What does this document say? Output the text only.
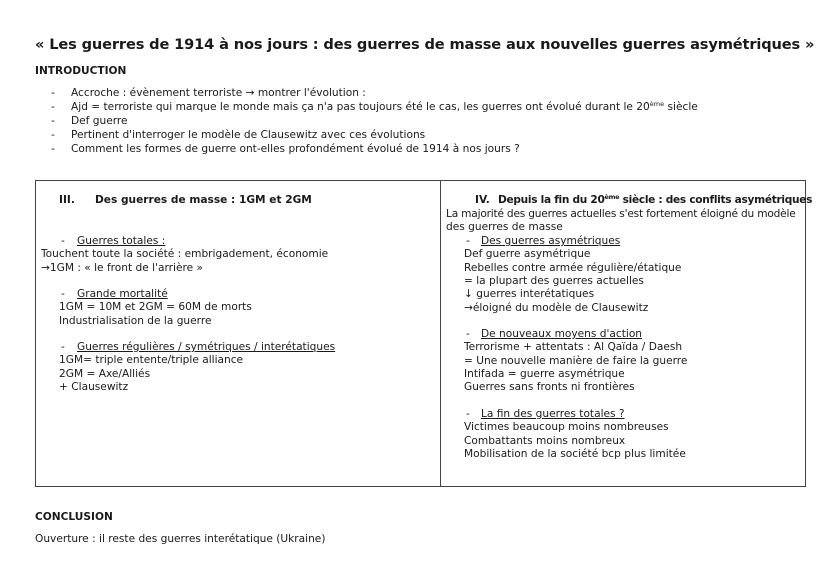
« Les guerres de 1914 à nos jours : des guerres de masse aux nouvelles guerres asymétriques »
INTRODUCTION
- Accroche : évènement terroriste → montrer l'évolution :
- Ajd = terroriste qui marque le monde mais ça n'a pas toujours été le cas, les guerres ont évolué durant le 20ème siècle
- Def guerre
- Pertinent d'interroger le modèle de Clausewitz avec ces évolutions
- Comment les formes de guerre ont-elles profondément évolué de 1914 à nos jours ?
III. Des guerres de masse : 1GM et 2GM
- Guerres totales :
Touchent toute la société : embrigadement, économie
→1GM : « le front de l'arrière »
- Grande mortalité
1GM = 10M et 2GM = 60M de morts
Industrialisation de la guerre
- Guerres régulières / symétriques / interétatiques
1GM= triple entente/triple alliance
2GM = Axe/Alliés
+ Clausewitz
IV. Depuis la fin du 20ème siècle : des conflits asymétriques
La majorité des guerres actuelles s'est fortement éloigné du modèle
des guerres de masse
- Des guerres asymétriques
Def guerre asymétrique
Rebelles contre armée régulière/étatique
= la plupart des guerres actuelles
↓ guerres interétatiques
→éloigné du modèle de Clausewitz
- De nouveaux moyens d'action
Terrorisme + attentats : Al Qaïda / Daesh
= Une nouvelle manière de faire la guerre
Intifada = guerre asymétrique
Guerres sans fronts ni frontières
- La fin des guerres totales ?
Victimes beaucoup moins nombreuses
Combattants moins nombreux
Mobilisation de la société bcp plus limitée
CONCLUSION
Ouverture : il reste des guerres interétatique (Ukraine)
